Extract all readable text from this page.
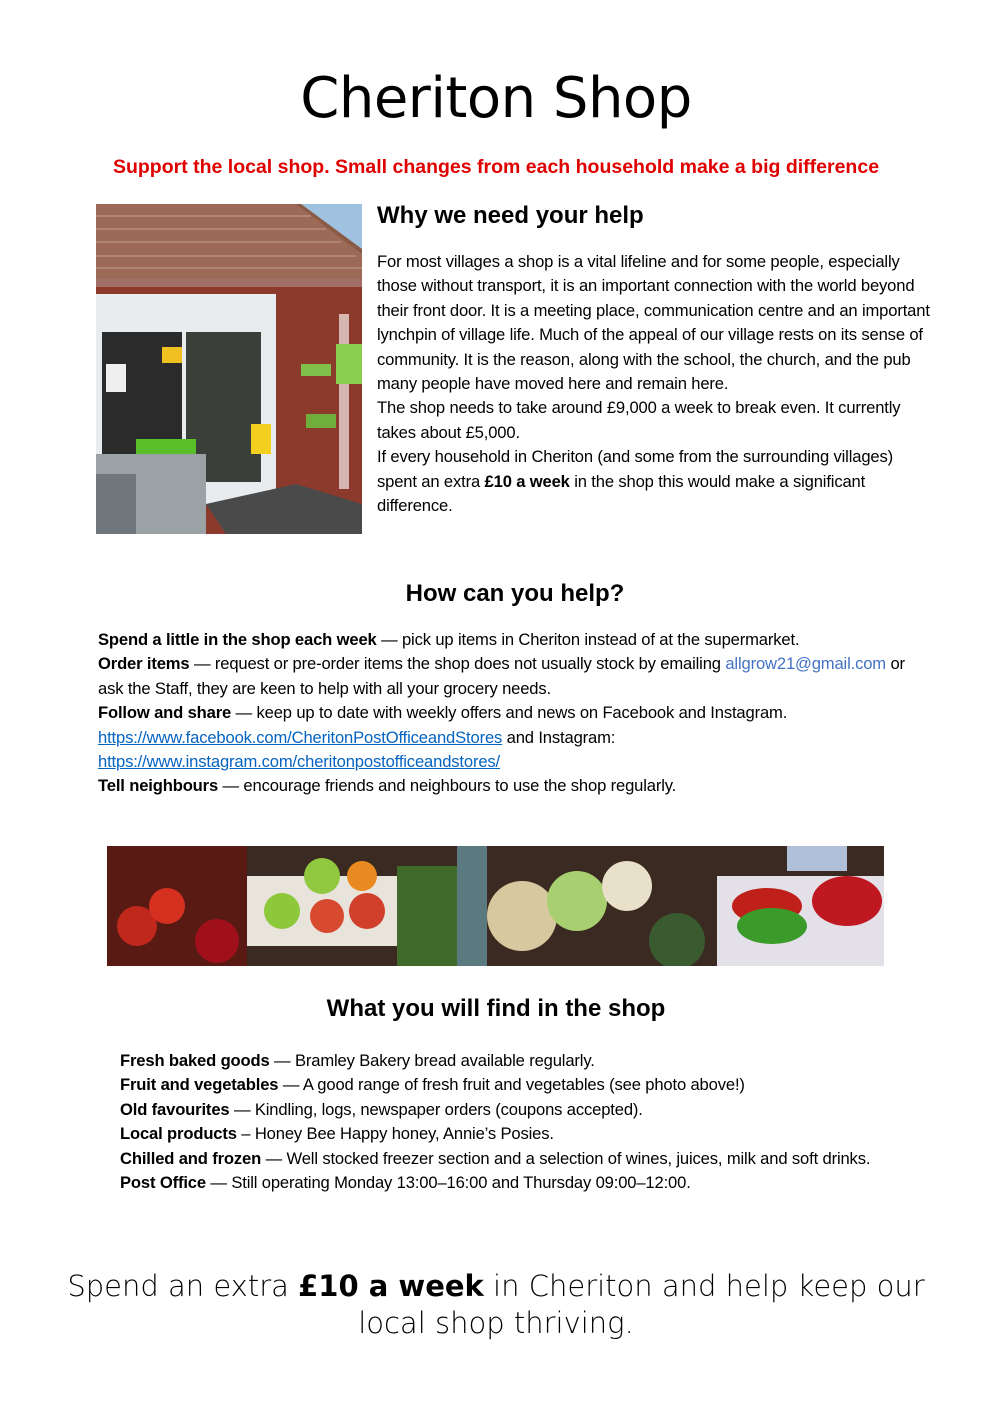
Cheriton Shop
Support the local shop. Small changes from each household make a big difference
Why we need your help

For most villages a shop is a vital lifeline and for some people, especially those without transport, it is an important connection with the world beyond their front door. It is a meeting place, communication centre and an important lynchpin of village life. Much of the appeal of our village rests on its sense of community. It is the reason, along with the school, the church, and the pub many people have moved here and remain here.

The shop needs to take around £9,000 a week to break even. It currently takes about £5,000.

If every household in Cheriton (and some from the surrounding villages) spent an extra £10 a week in the shop this would make a significant difference.

How can you help?

Spend a little in the shop each week — pick up items in Cheriton instead of at the supermarket.

Order items — request or pre-order items the shop does not usually stock by emailing allgrow21@gmail.com or ask the Staff, they are keen to help with all your grocery needs.

Follow and share — keep up to date with weekly offers and news on Facebook and Instagram.
https://www.facebook.com/CheritonPostOfficeandStores and Instagram:
https://www.instagram.com/cheritonpostofficeandstores/

Tell neighbours — encourage friends and neighbours to use the shop regularly.

What you will find in the shop

Fresh baked goods — Bramley Bakery bread available regularly.

Fruit and vegetables — A good range of fresh fruit and vegetables (see photo above!)

Old favourites — Kindling, logs, newspaper orders (coupons accepted).

Local products – Honey Bee Happy honey, Annie’s Posies.

Chilled and frozen — Well stocked freezer section and a selection of wines, juices, milk and soft drinks.

Post Office — Still operating Monday 13:00–16:00 and Thursday 09:00–12:00.

Spend an extra £10 a week in Cheriton and help keep our local shop thriving.
